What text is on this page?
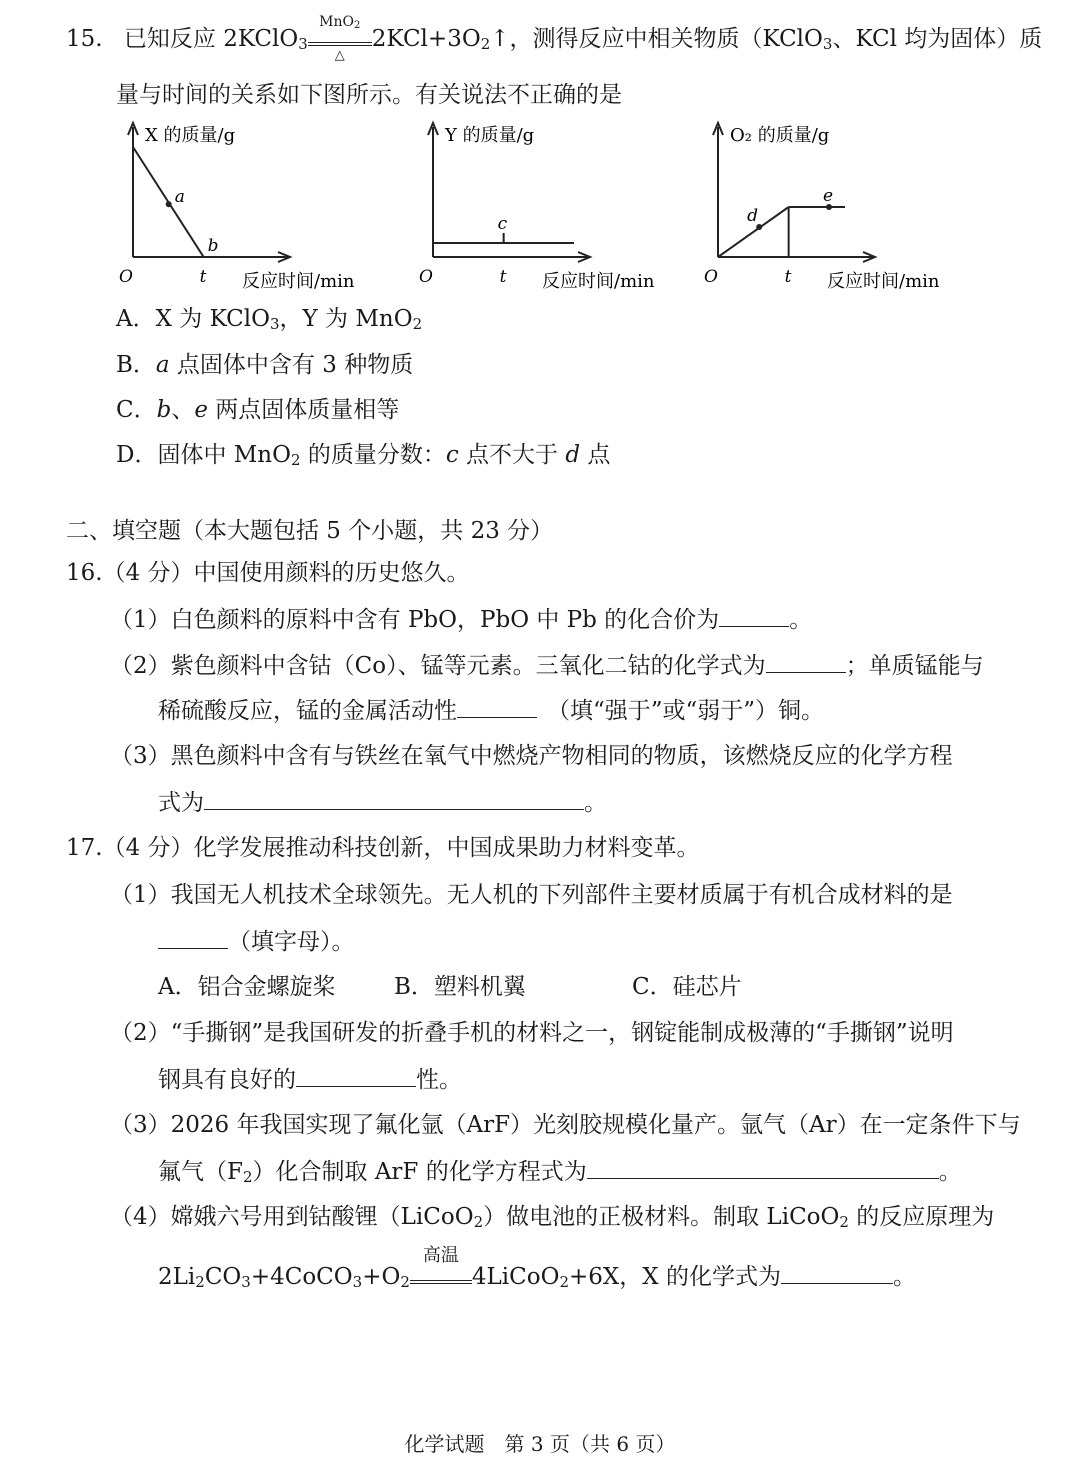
15. 已知反应 2KClO$_3$
MnO$_2$
△
$2KCl+3O_2↑$，测得反应中相关物质（KClO$_3$、KCl 均为固体）质
量与时间的关系如下图所示。有关说法不正确的是
X 的质量/g
反应时间/min
O	t
a
b
Y 的质量/g
反应时间/min
O	t
c
O₂ 的质量/g
反应时间/min
O	t
d
e
A．X 为 KClO$_3$，Y 为 MnO$_2$
B．a 点固体中含有 3 种物质
C．b、e 两点固体质量相等
D．固体中 MnO$_2$ 的质量分数：c 点不大于 d 点
二、填空题（本大题包括 5 个小题，共 23 分）
16.（4 分）中国使用颜料的历史悠久。
（1）白色颜料的原料中含有 PbO，PbO 中 Pb 的化合价为	。
（2）紫色颜料中含钴（Co）、锰等元素。三氧化二钴的化学式为	；单质锰能与
稀硫酸反应，锰的金属活动性	（填“强于”或“弱于”）铜。
（3）黑色颜料中含有与铁丝在氧气中燃烧产物相同的物质，该燃烧反应的化学方程
式为	。
17.（4 分）化学发展推动科技创新，中国成果助力材料变革。
（1）我国无人机技术全球领先。无人机的下列部件主要材质属于有机合成材料的是
（填字母）。
A．铝合金螺旋桨	B．塑料机翼	C．硅芯片
（2）“手撕钢”是我国研发的折叠手机的材料之一，钢锭能制成极薄的“手撕钢”说明
钢具有良好的	性。
（3）2026 年我国实现了氟化氩（ArF）光刻胶规模化量产。氩气（Ar）在一定条件下与
氟气$(F_2)$化合制取 ArF 的化学方程式为	。
（4）嫦娥六号用到钴酸锂（LiCoO$_2$）做电池的正极材料。制取 LiCoO$_2$ 的反应原理为
$2Li_2CO_3+4CoCO_3+O_2$
高温
4LiCoO$_2$+6X，X 的化学式为	。
化学试题　第 3 页（共 6 页）
